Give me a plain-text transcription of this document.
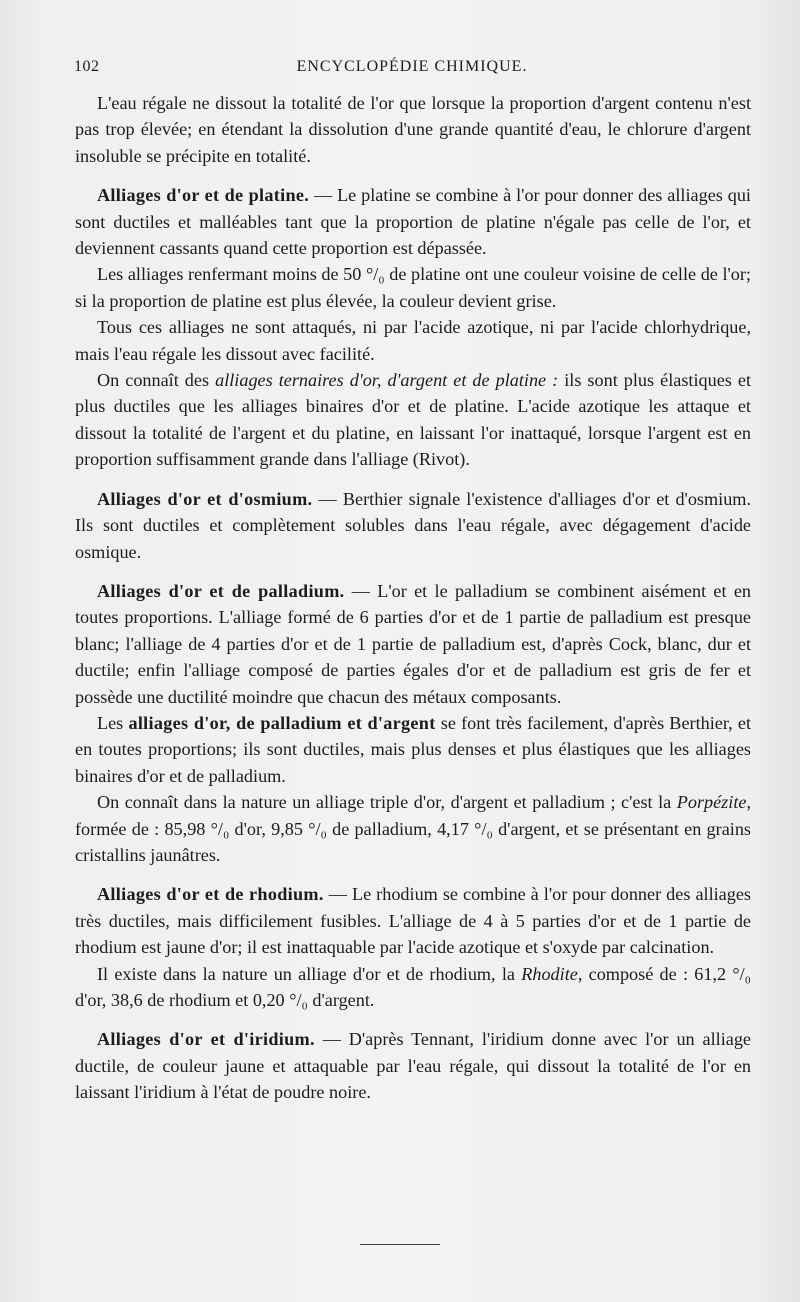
102	ENCYCLOPÉDIE CHIMIQUE.

L'eau régale ne dissout la totalité de l'or que lorsque la proportion d'argent contenu n'est pas trop élevée; en étendant la dissolution d'une grande quantité d'eau, le chlorure d'argent insoluble se précipite en totalité.

Alliages d'or et de platine. — Le platine se combine à l'or pour donner des alliages qui sont ductiles et malléables tant que la proportion de platine n'égale pas celle de l'or, et deviennent cassants quand cette proportion est dépassée.

Les alliages renfermant moins de 50 °/₀ de platine ont une couleur voisine de celle de l'or; si la proportion de platine est plus élevée, la couleur devient grise.

Tous ces alliages ne sont attaqués, ni par l'acide azotique, ni par l'acide chlorhydrique, mais l'eau régale les dissout avec facilité.

On connaît des alliages ternaires d'or, d'argent et de platine : ils sont plus élastiques et plus ductiles que les alliages binaires d'or et de platine. L'acide azotique les attaque et dissout la totalité de l'argent et du platine, en laissant l'or inattaqué, lorsque l'argent est en proportion suffisamment grande dans l'alliage (Rivot).

Alliages d'or et d'osmium. — Berthier signale l'existence d'alliages d'or et d'osmium. Ils sont ductiles et complètement solubles dans l'eau régale, avec dégagement d'acide osmique.

Alliages d'or et de palladium. — L'or et le palladium se combinent aisément et en toutes proportions. L'alliage formé de 6 parties d'or et de 1 partie de palladium est presque blanc; l'alliage de 4 parties d'or et de 1 partie de palladium est, d'après Cock, blanc, dur et ductile; enfin l'alliage composé de parties égales d'or et de palladium est gris de fer et possède une ductilité moindre que chacun des métaux composants.

Les alliages d'or, de palladium et d'argent se font très facilement, d'après Berthier, et en toutes proportions; ils sont ductiles, mais plus denses et plus élastiques que les alliages binaires d'or et de palladium.

On connaît dans la nature un alliage triple d'or, d'argent et palladium ; c'est la Porpézite, formée de : 85,98 °/₀ d'or, 9,85 °/₀ de palladium, 4,17 °/₀ d'argent, et se présentant en grains cristallins jaunâtres.

Alliages d'or et de rhodium. — Le rhodium se combine à l'or pour donner des alliages très ductiles, mais difficilement fusibles. L'alliage de 4 à 5 parties d'or et de 1 partie de rhodium est jaune d'or; il est inattaquable par l'acide azotique et s'oxyde par calcination.

Il existe dans la nature un alliage d'or et de rhodium, la Rhodite, composé de : 61,2 °/₀ d'or, 38,6 de rhodium et 0,20 °/₀ d'argent.

Alliages d'or et d'iridium. — D'après Tennant, l'iridium donne avec l'or un alliage ductile, de couleur jaune et attaquable par l'eau régale, qui dissout la totalité de l'or en laissant l'iridium à l'état de poudre noire.
